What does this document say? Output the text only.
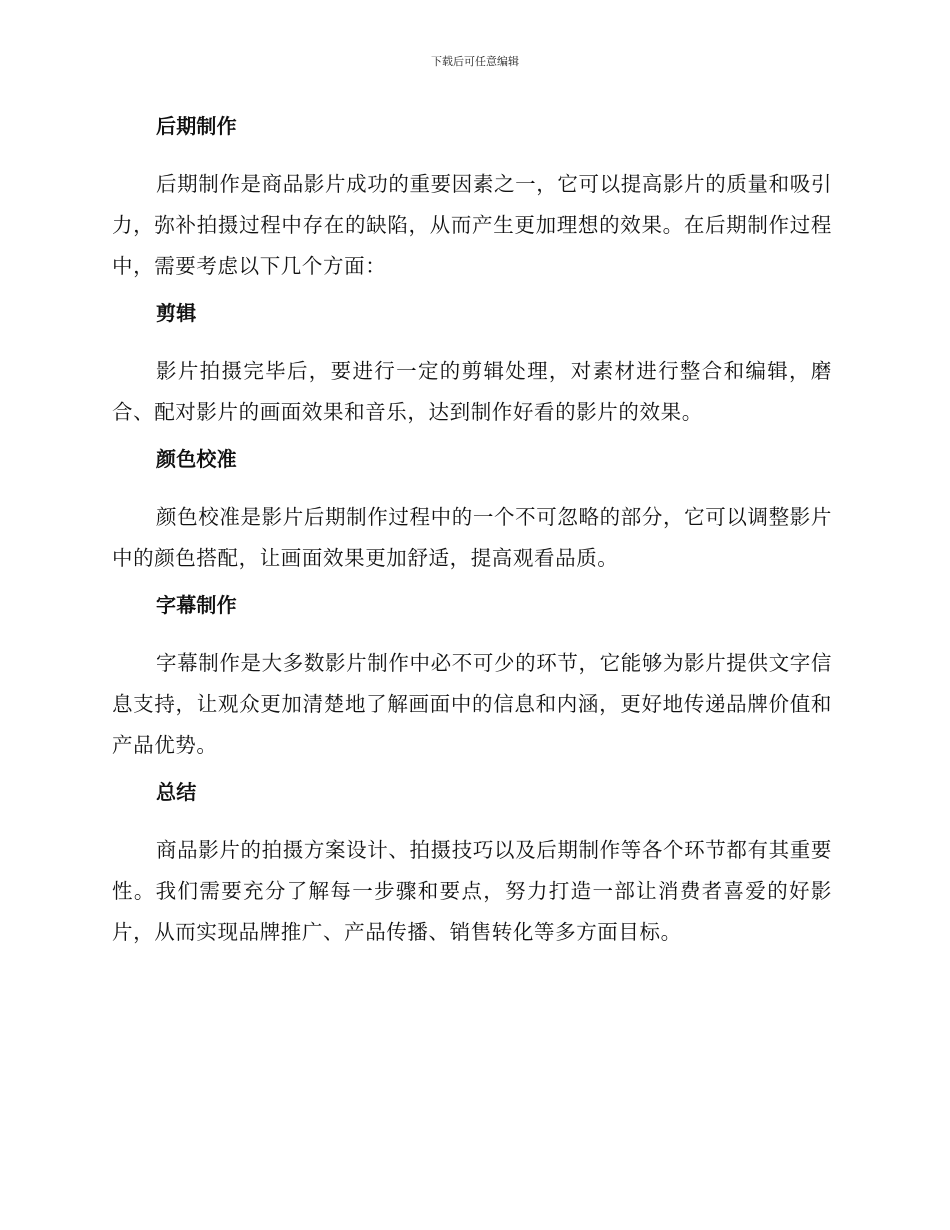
下载后可任意编辑
后期制作

后期制作是商品影片成功的重要因素之一，它可以提高影片的质量和吸引力，弥补拍摄过程中存在的缺陷，从而产生更加理想的效果。在后期制作过程中，需要考虑以下几个方面：

剪辑

影片拍摄完毕后，要进行一定的剪辑处理，对素材进行整合和编辑，磨合、配对影片的画面效果和音乐，达到制作好看的影片的效果。

颜色校准

颜色校准是影片后期制作过程中的一个不可忽略的部分，它可以调整影片中的颜色搭配，让画面效果更加舒适，提高观看品质。

字幕制作

字幕制作是大多数影片制作中必不可少的环节，它能够为影片提供文字信息支持，让观众更加清楚地了解画面中的信息和内涵，更好地传递品牌价值和产品优势。

总结

商品影片的拍摄方案设计、拍摄技巧以及后期制作等各个环节都有其重要性。我们需要充分了解每一步骤和要点，努力打造一部让消费者喜爱的好影片，从而实现品牌推广、产品传播、销售转化等多方面目标。
